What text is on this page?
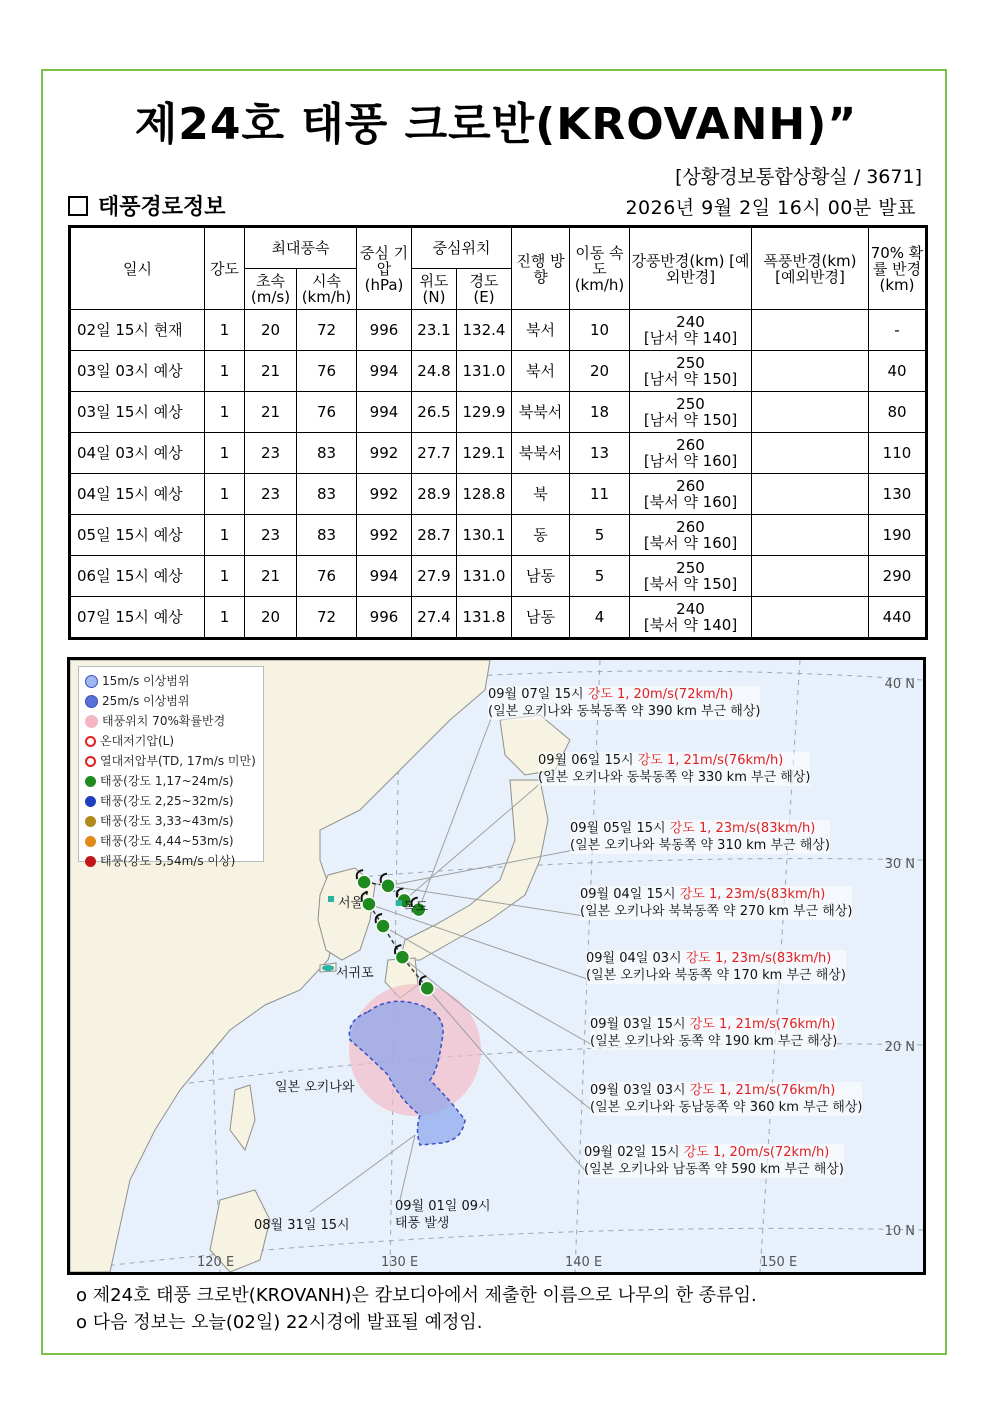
제24호 태풍 크로반(KROVANH)”
[상황경보통합상황실 / 3671]
태풍경로정보	2026년 9월 2일 16시 00분 발표
일시	강도	최대풍속		중심 기압 (hPa)	중심위치		진행 방향	이동 속도 (km/h)	강풍반경(km) [예외반경]	폭풍반경(km) [예외반경]	70% 확률 반경 (km)
		초속 (m/s)	시속 (km/h)		위도 (N)	경도 (E)					
02일 15시 현재	1	20	72	996	23.1	132.4	북서	10	240
[남서 약 140]		-
03일 03시 예상	1	21	76	994	24.8	131.0	북서	20	250
[남서 약 150]		40
03일 15시 예상	1	21	76	994	26.5	129.9	북북서	18	250
[남서 약 150]		80
04일 03시 예상	1	23	83	992	27.7	129.1	북북서	13	260
[남서 약 160]		110
04일 15시 예상	1	23	83	992	28.9	128.8	북	11	260
[북서 약 160]		130
05일 15시 예상	1	23	83	992	28.7	130.1	동	5	260
[북서 약 160]		190
06일 15시 예상	1	21	76	994	27.9	131.0	남동	5	250
[북서 약 150]		290
07일 15시 예상	1	20	72	996	27.4	131.8	남동	4	240
[북서 약 140]		440
15m/s 이상범위
25m/s 이상범위
태풍위치 70%확률반경
온대저기압(L)
열대저압부(TD, 17m/s 미만)
태풍(강도 1,17~24m/s)
태풍(강도 2,25~32m/s)
태풍(강도 3,33~43m/s)
태풍(강도 4,44~53m/s)
태풍(강도 5,54m/s 이상)
서울	독도
서귀포
일본 오키나와
09월 07일 15시 강도 1, 20m/s(72km/h)
(일본 오키나와 동북동쪽 약 390 km 부근 해상)
09월 06일 15시 강도 1, 21m/s(76km/h)
(일본 오키나와 동북동쪽 약 330 km 부근 해상)
09월 05일 15시 강도 1, 23m/s(83km/h)
(일본 오키나와 북동쪽 약 310 km 부근 해상)
09월 04일 15시 강도 1, 23m/s(83km/h)
(일본 오키나와 북북동쪽 약 270 km 부근 해상)
09월 04일 03시 강도 1, 23m/s(83km/h)
(일본 오키나와 북동쪽 약 170 km 부근 해상)
09월 03일 15시 강도 1, 21m/s(76km/h)
(일본 오키나와 동쪽 약 190 km 부근 해상)
09월 03일 03시 강도 1, 21m/s(76km/h)
(일본 오키나와 동남동쪽 약 360 km 부근 해상)
09월 02일 15시 강도 1, 20m/s(72km/h)
(일본 오키나와 남동쪽 약 590 km 부근 해상)
09월 01일 09시
태풍 발생
08월 31일 15시
40 N
30 N
20 N
10 N
120 E	130 E	140 E	150 E
o 제24호 태풍 크로반(KROVANH)은 캄보디아에서 제출한 이름으로 나무의 한 종류임.
o 다음 정보는 오늘(02일) 22시경에 발표될 예정임.
